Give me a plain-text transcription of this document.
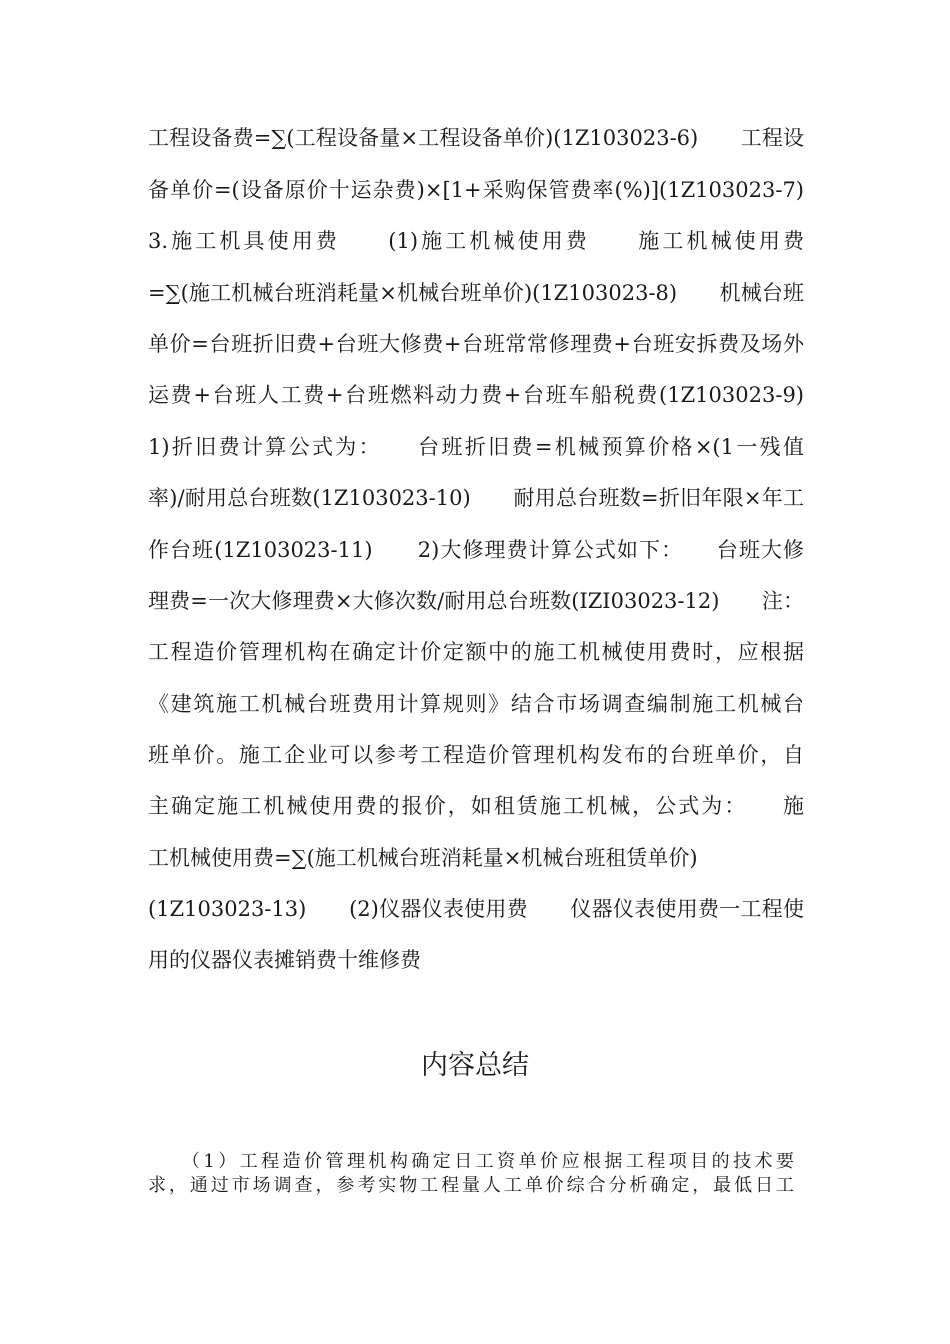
工程设备费=∑(工程设备量×工程设备单价)(1Z103023-6)　　工程设
备单价=(设备原价十运杂费)×[1+采购保管费率(%)](1Z103023-7)
3.施工机具使用费　　(1)施工机械使用费　　施工机械使用费
=∑(施工机械台班消耗量×机械台班单价)(1Z103023-8)　　机械台班
单价=台班折旧费+台班大修费+台班常常修理费+台班安拆费及场外
运费+台班人工费+台班燃料动力费+台班车船税费(1Z103023-9)
1)折旧费计算公式为：　　台班折旧费=机械预算价格×(1一残值
率)/耐用总台班数(1Z103023-10)　　耐用总台班数=折旧年限×年工
作台班(1Z103023-11)　　2)大修理费计算公式如下：　　台班大修
理费=一次大修理费×大修次数/耐用总台班数(IZI03023-12)　　注：
工程造价管理机构在确定计价定额中的施工机械使用费时，应根据
《建筑施工机械台班费用计算规则》结合市场调查编制施工机械台
班单价。施工企业可以参考工程造价管理机构发布的台班单价，自
主确定施工机械使用费的报价，如租赁施工机械，公式为：　　施
工机械使用费=∑(施工机械台班消耗量×机械台班租赁单价)
(1Z103023-13)　　(2)仪器仪表使用费　　仪器仪表使用费一工程使
用的仪器仪表摊销费十维修费
内容总结
　　（1）工程造价管理机构确定日工资单价应根据工程项目的技术要
求，通过市场调查，参考实物工程量人工单价综合分析确定，最低日工
